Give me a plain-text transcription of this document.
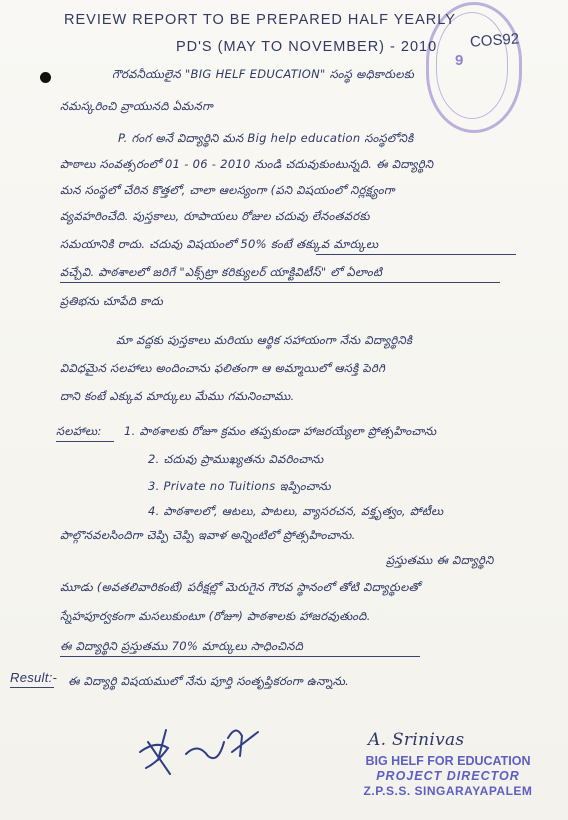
9
COS92
REVIEW REPORT TO BE PREPARED HALF YEARLY
PD'S (MAY TO NOVEMBER) - 2010
గౌరవనీయులైన "BIG HELF EDUCATION" సంస్థ అధికారులకు
నమస్కరించి వ్రాయునది ఏమనగా
P. గంగ అనే విద్యార్థిని మన Big help education సంస్థలోనికి
పాఠాలు సంవత్సరంలో 01 - 06 - 2010 నుండి చదువుకుంటున్నది. ఈ విద్యార్థిని
మన సంస్థలో చేరిన కొత్తలో, చాలా ఆలస్యంగా (పని విషయంలో నిర్లక్ష్యంగా
వ్యవహరించేది. పుస్తకాలు, రూపాయలు రోజుల చదువు లేనంతవరకు
సమయానికి రాదు. చదువు విషయంలో 50% కంటే తక్కువ మార్కులు
వచ్చేవి. పాఠశాలలో జరిగే "ఎక్స్‌ట్రా కరిక్యులర్ యాక్టివిటీస్" లో ఏలాంటి
ప్రతిభను చూపేది కాదు
మా వద్దకు పుస్తకాలు మరియు ఆర్థిక సహాయంగా నేను విద్యార్థినికి
వివిధమైన సలహాలు అందించాను ఫలితంగా ఆ అమ్మాయిలో ఆసక్తి పెరిగి
దాని కంటే ఎక్కువ మార్కులు మేము గమనించాము.
సలహాలు: 1. పాఠశాలకు రోజూ క్రమం తప్పకుండా హాజరయ్యేలా ప్రోత్సహించాను
2. చదువు ప్రాముఖ్యతను వివరించాను
3. Private no Tuitions ఇప్పించాను
4. పాఠశాలలో, ఆటలు, పాటలు, వ్యాసరచన, వక్తృత్వం, పోటీలు
పాల్గొనవలసిందిగా చెప్పి చెప్పి ఇవాళ అన్నింటిలో ప్రోత్సహించాను.
ప్రస్తుతము ఈ విద్యార్థిని
మూడు (అవతలివారికంటే) పరీక్షల్లో మెరుగైన గౌరవ స్థానంలో తోటి విద్యార్థులతో
స్నేహపూర్వకంగా మసలుకుంటూ (రోజూ) పాఠశాలకు హాజరవుతుంది.
ఈ విద్యార్థిని ప్రస్తుతము 70% మార్కులు సాధించినది
Result:- ఈ విద్యార్థి విషయములో నేను పూర్తి సంతృప్తికరంగా ఉన్నాను.
A. Srinivas
BIG HELF FOR EDUCATION
PROJECT DIRECTOR
Z.P.S.S. SINGARAYAPALEM
